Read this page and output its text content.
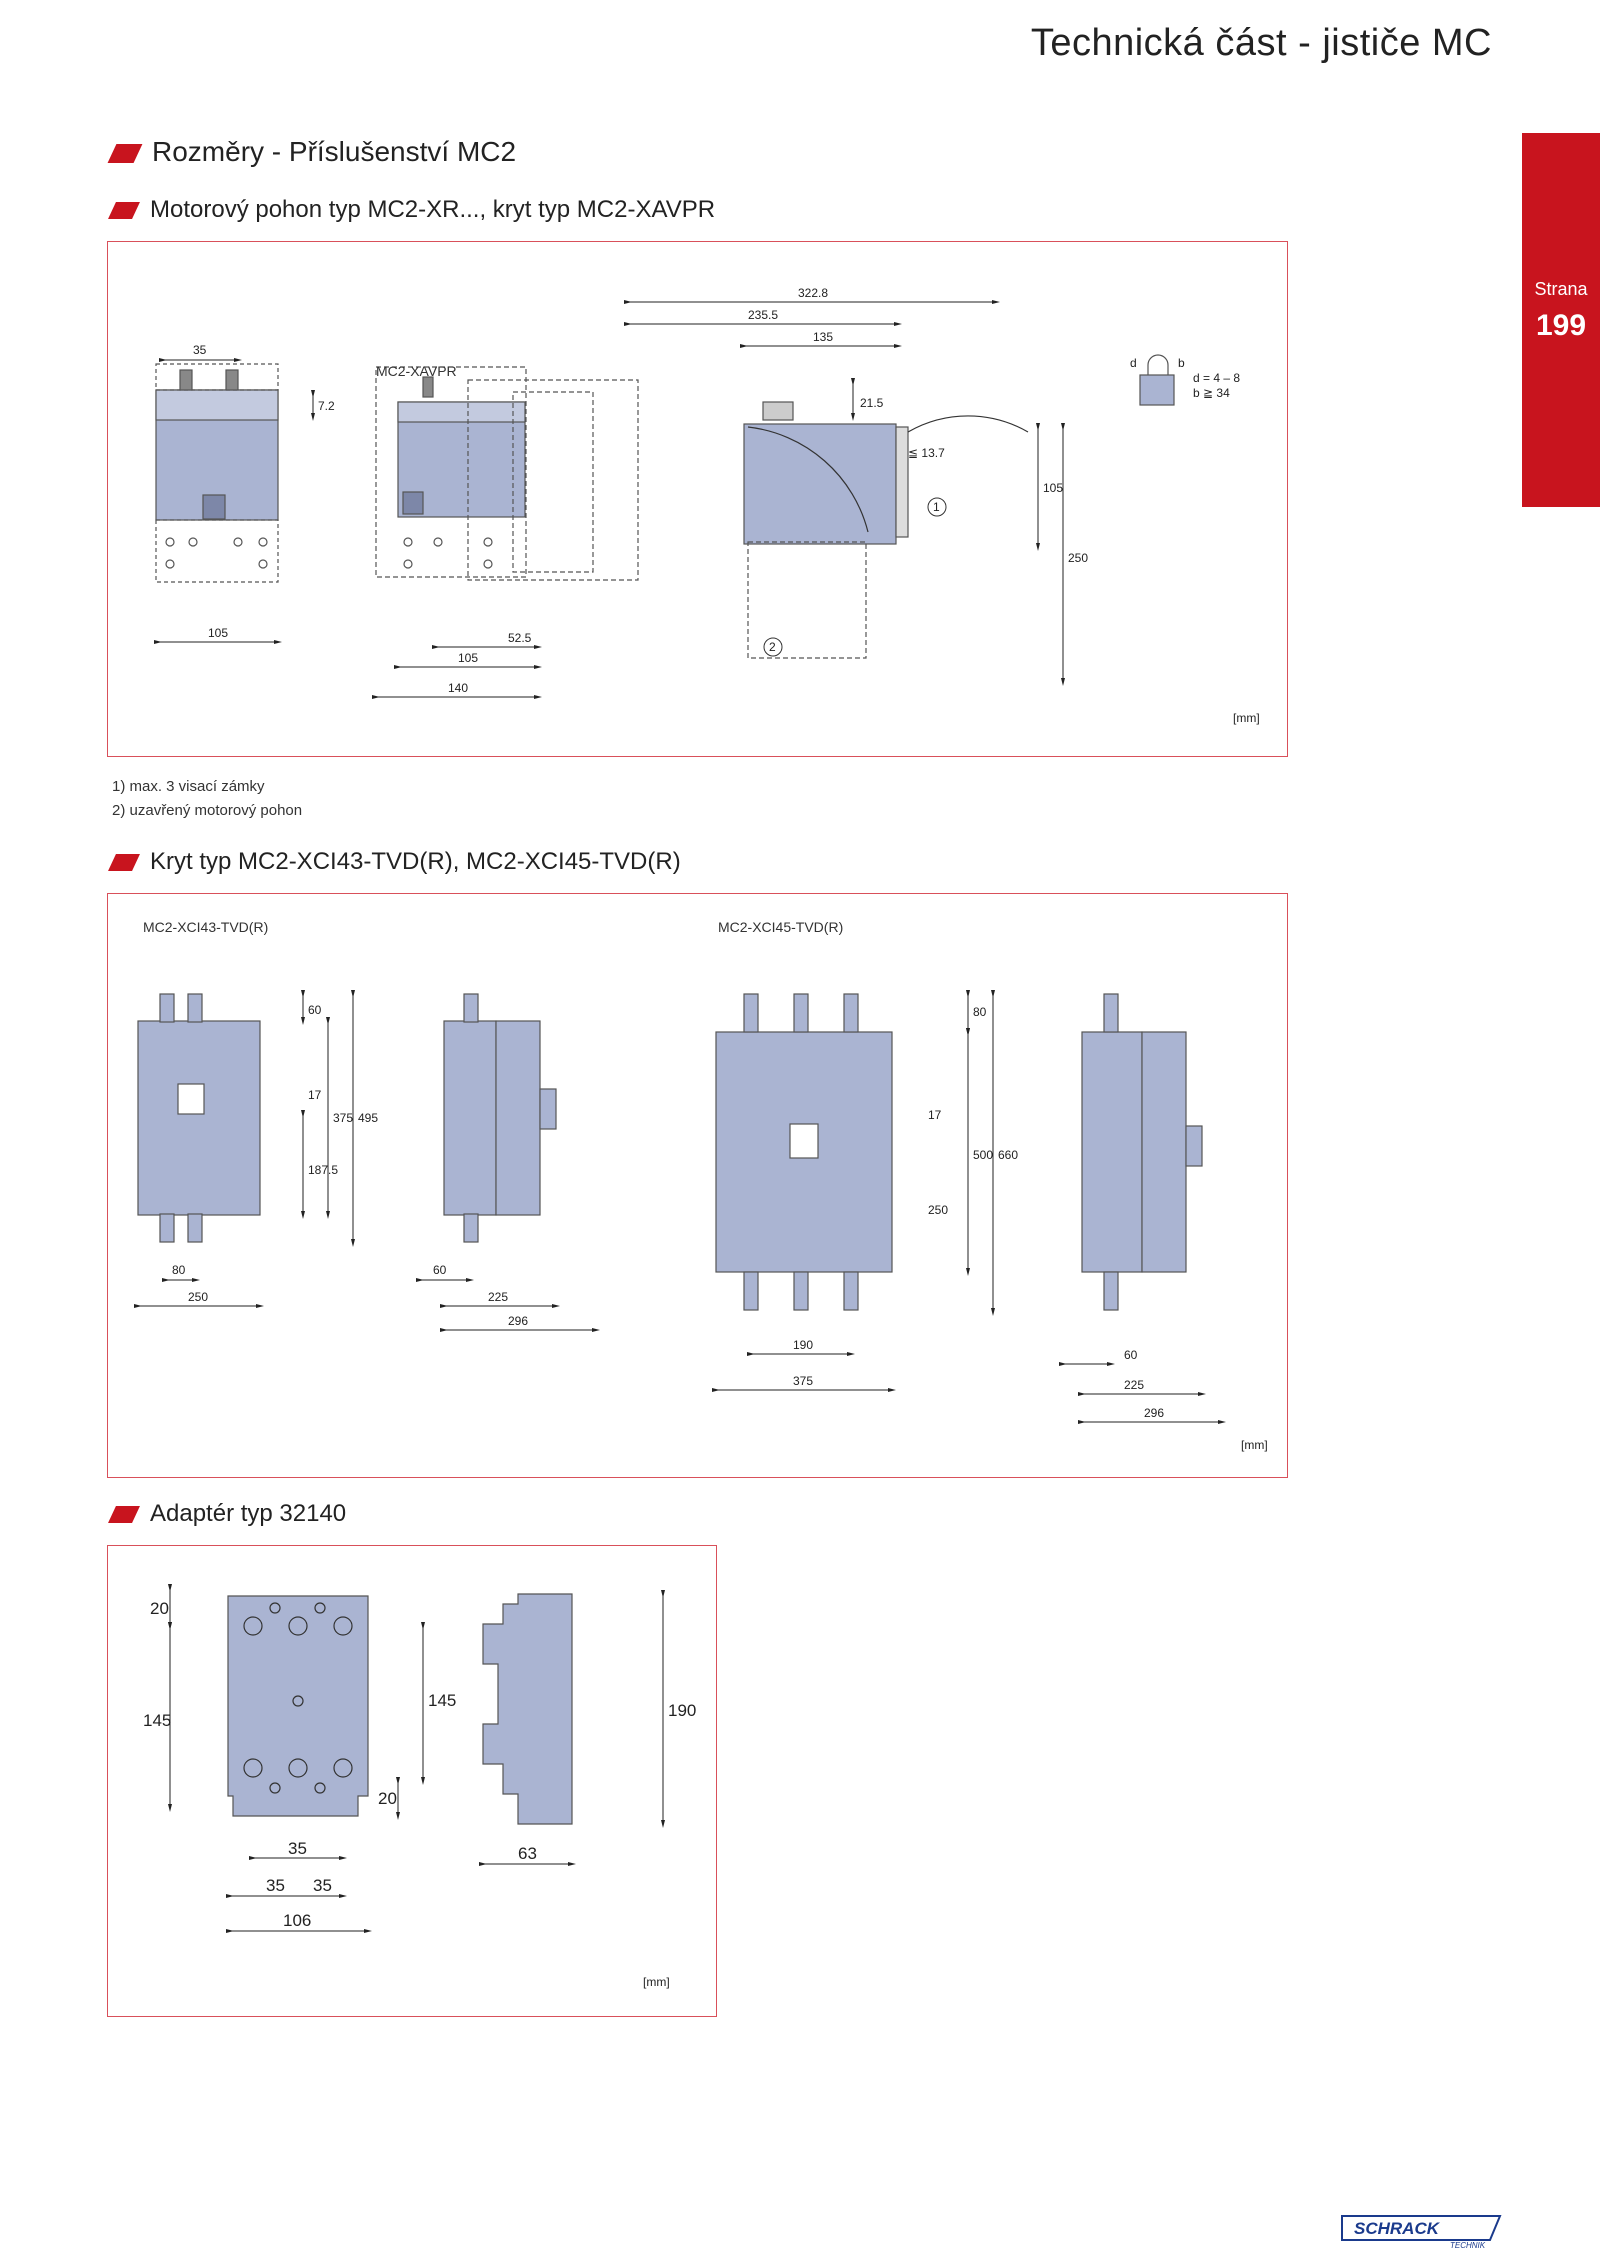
Technická část - jističe MC
Strana
199
Rozměry - Příslušenství MC2
Motorový pohon typ MC2-XR..., kryt typ MC2-XAVPR
35
7.2
105
MC2-XAVPR
52.5
105
140
322.8
235.5
135
21.5
≦ 13.7
105
250
1
2
d	b
d = 4 – 8
b ≧ 34
[mm]
1) max. 3 visací zámky
2) uzavřený motorový pohon
Kryt typ MC2-XCI43-TVD(R), MC2-XCI45-TVD(R)
MC2-XCI43-TVD(R)	MC2-XCI45-TVD(R)
60
17
375 495
187.5
80
250
60
225
296
80
17
500 660
250
190
375
60
225
296
[mm]
Adaptér typ 32140
20
145
145
20
190
35
35 35
106
63
[mm]
SCHRACK
TECHNIK
